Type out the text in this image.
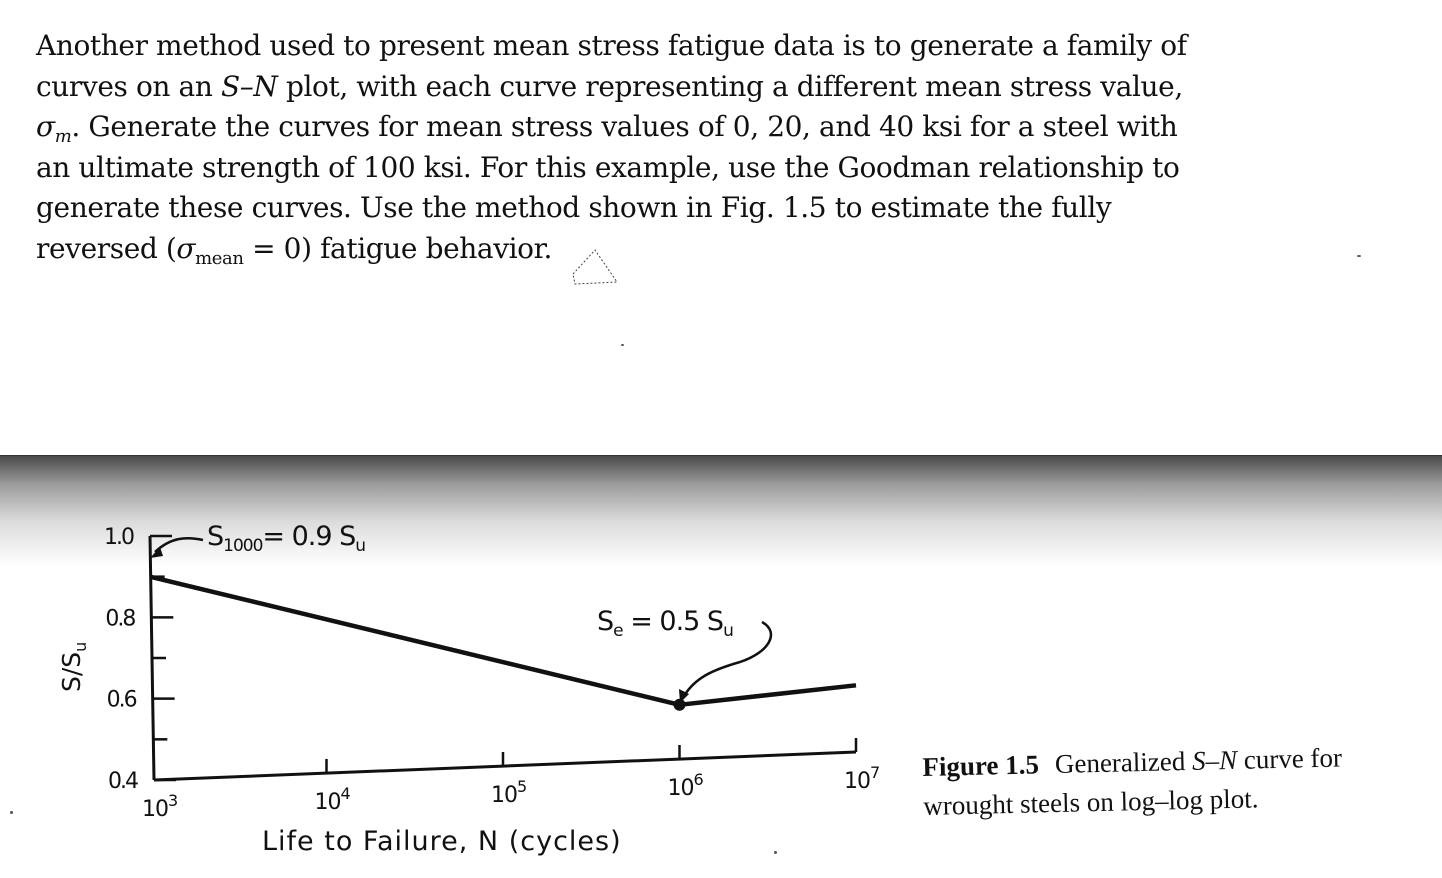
Another method used to present mean stress fatigue data is to generate a family of
curves on an S–N plot, with each curve representing a different mean stress value,
$\sigma_m$. Generate the curves for mean stress values of 0, 20, and 40 ksi for a steel with
an ultimate strength of 100 ksi. For this example, use the Goodman relationship to
generate these curves. Use the method shown in Fig. 1.5 to estimate the fully
reversed $(\sigma_{mean} = 0)$ fatigue behavior.
1.0
0.8
0.6
0.4
$10^3$	$10^4$	$10^5$	$10^6$	$10^7$
$S/S_u$
Life to Failure, N (cycles)
$S_{1000}= 0.9$ $S_u$
$S_e = 0.5$ $S_u$
Figure 1.5 Generalized S–N curve for wrought steels on log–log plot.
